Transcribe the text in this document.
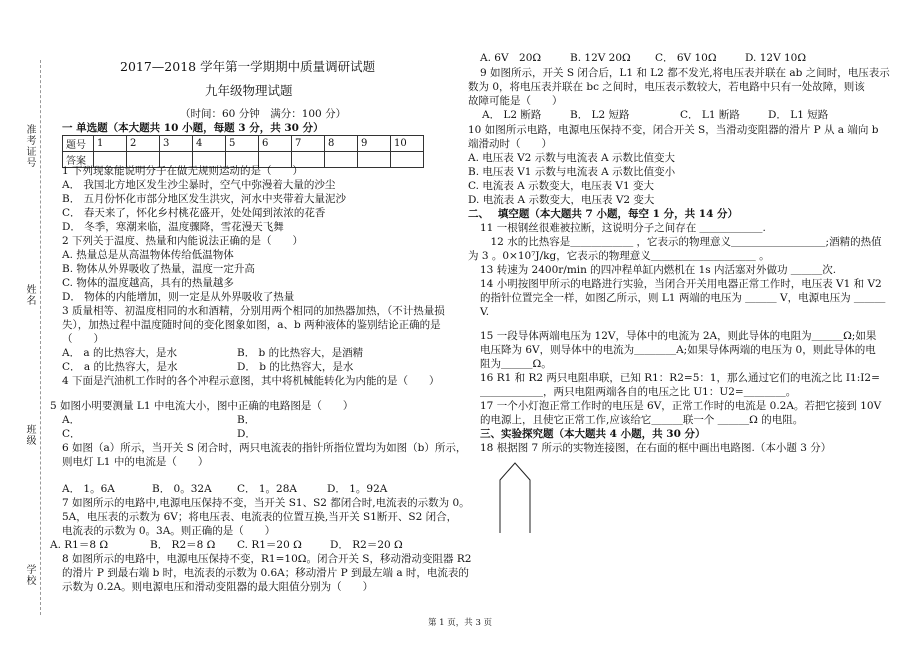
准考证号
姓名
班级
学校
2017—2018 学年第一学期期中质量调研试题
九年级物理试题
（时间：60 分钟　满分：100 分）
一 单选题（本大题共 10 小题，每题 3 分，共 30 分）
题号	1	2	3	4	5	6	7	8	9	10
答案										
1 下列现象能说明分子在做无规则运动的是（　　）
A． 我国北方地区发生沙尘暴时，空气中弥漫着大量的沙尘
B． 五月份怀化市部分地区发生洪灾，河水中夹带着大量泥沙
C． 春天来了，怀化乡村桃花盛开，处处闻到浓浓的花香
D． 冬季，寒潮来临，温度骤降，雪花漫天飞舞
2 下列关于温度、热量和内能说法正确的是（　　）
A. 热量总是从高温物体传给低温物体
B. 物体从外界吸收了热量，温度一定升高
C. 物体的温度越高，具有的热量越多
D． 物体的内能增加，则一定是从外界吸收了热量
3 质量相等、初温度相同的水和酒精，分别用两个相同的加热器加热，（不计热量损
失），加热过程中温度随时间的变化图象如图，a、b 两种液体的鉴别结论正确的是
（　　）
A． a 的比热容大，是水	B． b 的比热容大，是酒精
C． a 的比热容大，是水	D． b 的比热容大，是水
4 下面是汽油机工作时的各个冲程示意图，其中将机械能转化为内能的是（　　）
5 如图小明要测量 L1 中电流大小，图中正确的电路图是（　　）
A．	B．
C．	D．
6 如图（a）所示，当开关 S 闭合时，两只电流表的指针所指位置均为如图（b）所示，
则电灯 L1 中的电流是（　　）
A． 1。6A	B． 0。32A C． 1。28A	D． 1。92A
7 如图所示的电路中,电源电压保持不变，当开关 S1、S2 都闭合时,电流表的示数为 0。
5A，电压表的示数为 6V；将电压表、电流表的位置互换,当开关 S1断开、S2 闭合，
电流表的示数为 0。3A。则正确的是（　　）
A. R1＝8 Ω	B． R2＝8 Ω C. R1＝20 Ω	D． R2＝20 Ω
8 如图所示的电路中，电源电压保持不变，R1=10Ω。闭合开关 S，移动滑动变阻器 R2
的滑片 P 到最右端 b 时，电流表的示数为 0.6A；移动滑片 P 到最左端 a 时，电流表的
示数为 0.2A。则电源电压和滑动变阻器的最大阻值分别为（　　）
A. 6V　20Ω	B. 12V 20Ω C． 6V 10Ω	D. 12V 10Ω
9 如图所示，开关 S 闭合后，L1 和 L2 都不发光,将电压表并联在 ab 之间时，电压表示
数为 0，将电压表并联在 bc 之间时，电压表示数较大，若电路中只有一处故障，则该
故障可能是（　　）
A． L2 断路	B． L2 短路	C． L1 断路	D． L1 短路
10 如图所示电路，电源电压保持不变，闭合开关 S，当滑动变阻器的滑片 P 从 a 端向 b
端滑动时（　　）
A. 电压表 V2 示数与电流表 A 示数比值变大
B. 电压表 V1 示数与电流表 A 示数比值变小
C. 电流表 A 示数变大，电压表 V1 变大
D. 电流表 A 示数变大，电压表 V2 变大
二、　 填空题（本大题共 7 小题，每空 1 分，共 14 分）
11 一根钢丝很难被拉断，这说明分子之间存在 ＿＿＿＿＿＿.
　12 水的比热容是＿＿＿＿＿＿ ，它表示的物理意义＿＿＿＿＿＿＿＿＿;酒精的热值
为 3 。0×10⁷J/kg，它表示的物理意义＿＿＿＿＿＿＿＿＿＿ 。
13 转速为 2400r/min 的四冲程单缸内燃机在 1s 内活塞对外做功 ＿＿＿次.
14 小明按图甲所示的电路进行实验，当闭合开关用电器正常工作时，电压表 V1 和 V2
的指针位置完全一样，如图乙所示，则 L1 两端的电压为 ＿＿＿ V，电源电压为 ＿＿＿
V.
15 一段导体两端电压为 12V，导体中的电流为 2A，则此导体的电阻为＿＿＿Ω;如果
电压降为 6V，则导体中的电流为＿＿＿＿A;如果导体两端的电压为 0，则此导体的电
阻为＿＿＿Ω。
16 R1 和 R2 两只电阻串联，已知 R1：R2=5：1，那么通过它们的电流之比 I1:I2=
＿＿＿＿＿＿，两只电阻两端各自的电压之比 U1：U2=＿＿＿＿。
17 一个小灯泡正常工作时的电压是 6V，正常工作时的电流是 0.2A。若把它接到 10V
的电源上，且使它正常工作,应该给它＿＿＿联一个 ＿＿＿Ω 的电阻。
三、实验探究题（本大题共 4 小题，共 30 分）
18 根据图 7 所示的实物连接图，在右面的框中画出电路图.（本小题 3 分）
第 1 页，共 3 页
